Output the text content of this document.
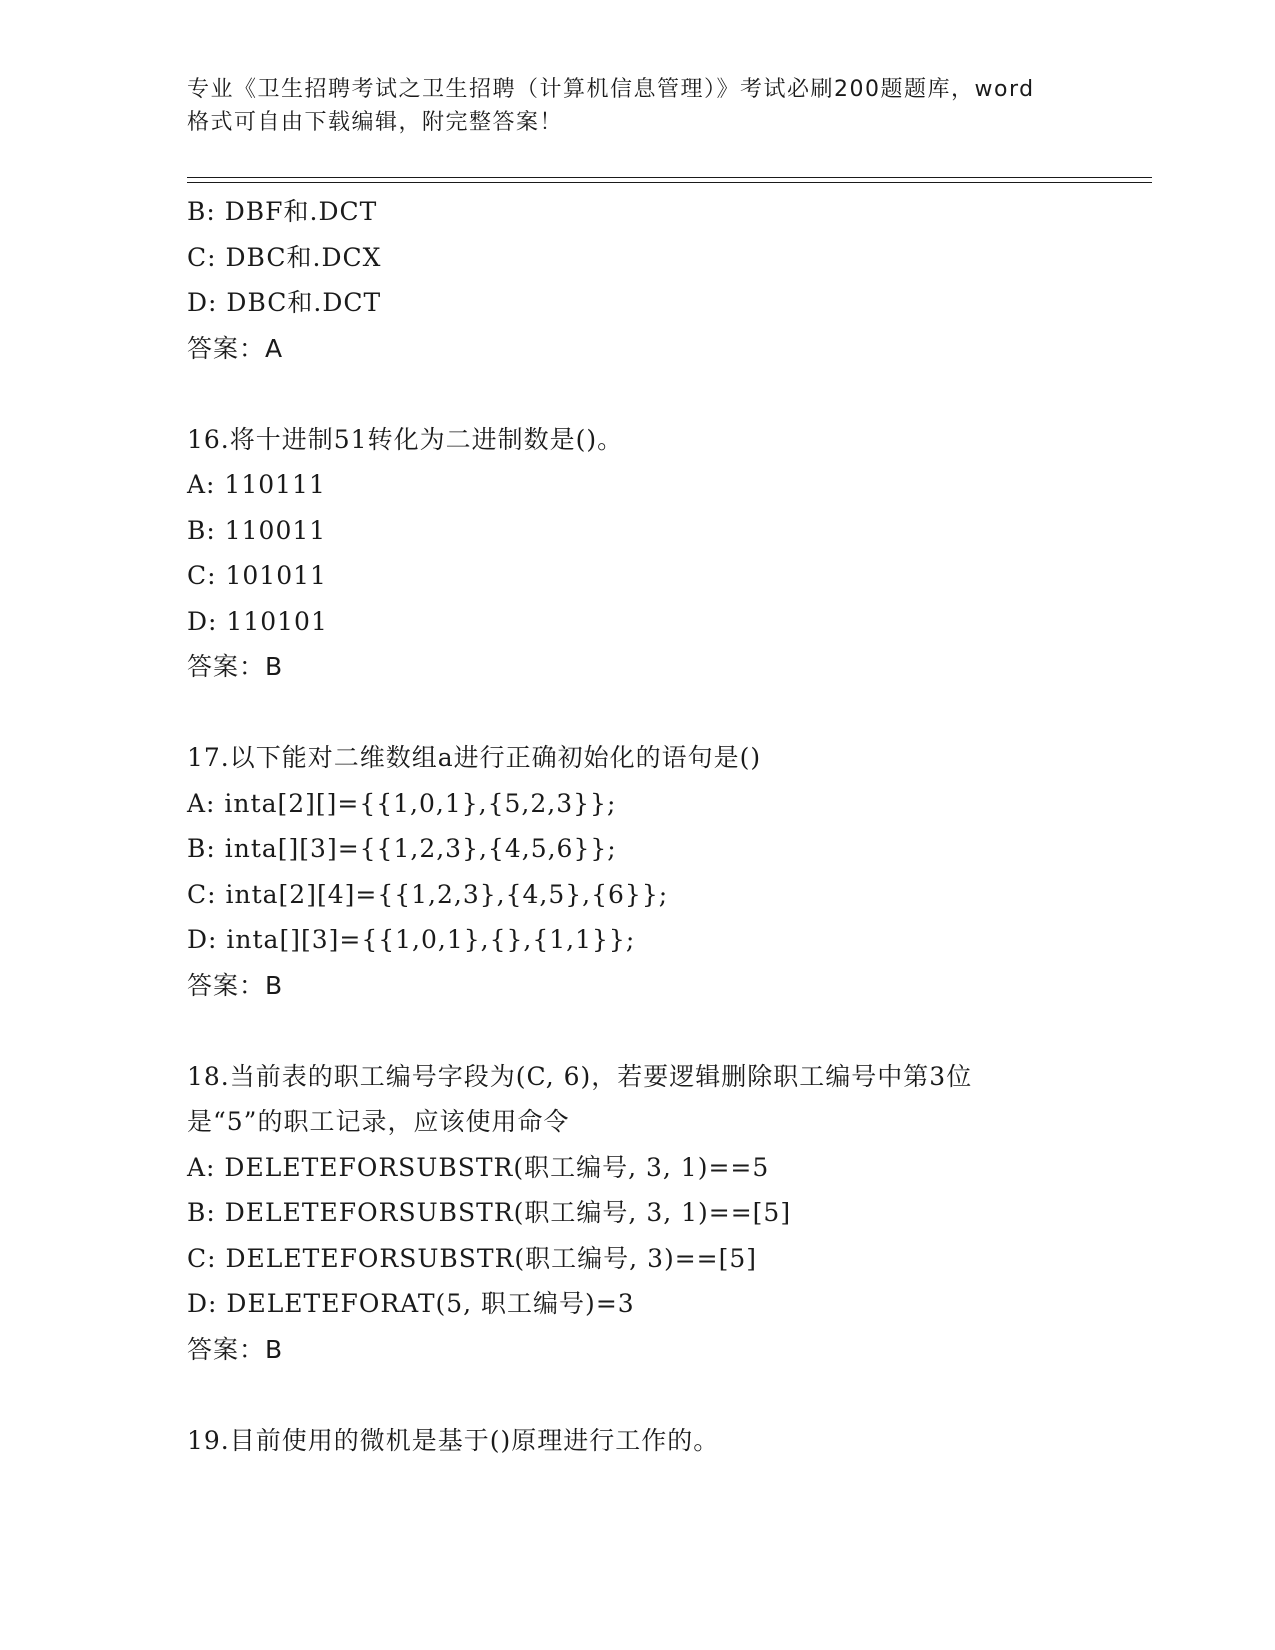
专业《卫生招聘考试之卫生招聘（计算机信息管理）》考试必刷200题题库，word
格式可自由下载编辑，附完整答案！
B: DBF和.DCT
C: DBC和.DCX
D: DBC和.DCT
答案：A
16.将十进制51转化为二进制数是()。
A: 110111
B: 110011
C: 101011
D: 110101
答案：B
17.以下能对二维数组a进行正确初始化的语句是()
A: inta[2][]={{1,0,1},{5,2,3}};
B: inta[][3]={{1,2,3},{4,5,6}};
C: inta[2][4]={{1,2,3},{4,5},{6}};
D: inta[][3]={{1,0,1},{},{1,1}};
答案：B
18.当前表的职工编号字段为(C, 6)，若要逻辑删除职工编号中第3位
是“5”的职工记录，应该使用命令
A: DELETEFORSUBSTR(职工编号, 3, 1)==5
B: DELETEFORSUBSTR(职工编号, 3, 1)==[5]
C: DELETEFORSUBSTR(职工编号, 3)==[5]
D: DELETEFORAT(5, 职工编号)=3
答案：B
19.目前使用的微机是基于()原理进行工作的。
